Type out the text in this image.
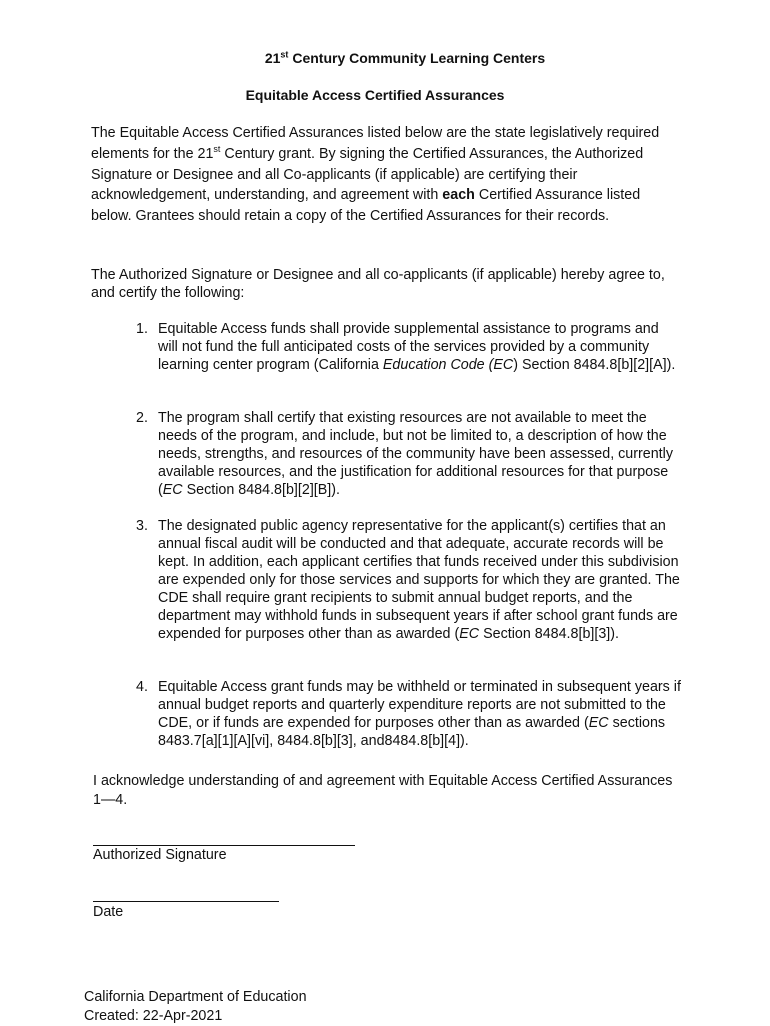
21st Century Community Learning Centers
Equitable Access Certified Assurances
The Equitable Access Certified Assurances listed below are the state legislatively required elements for the 21st Century grant. By signing the Certified Assurances, the Authorized Signature or Designee and all Co-applicants (if applicable) are certifying their acknowledgement, understanding, and agreement with each Certified Assurance listed below. Grantees should retain a copy of the Certified Assurances for their records.
The Authorized Signature or Designee and all co-applicants (if applicable) hereby agree to, and certify the following:
1. Equitable Access funds shall provide supplemental assistance to programs and will not fund the full anticipated costs of the services provided by a community learning center program (California Education Code (EC) Section 8484.8[b][2][A]).
2. The program shall certify that existing resources are not available to meet the needs of the program, and include, but not be limited to, a description of how the needs, strengths, and resources of the community have been assessed, currently available resources, and the justification for additional resources for that purpose (EC Section 8484.8[b][2][B]).
3. The designated public agency representative for the applicant(s) certifies that an annual fiscal audit will be conducted and that adequate, accurate records will be kept. In addition, each applicant certifies that funds received under this subdivision are expended only for those services and supports for which they are granted. The CDE shall require grant recipients to submit annual budget reports, and the department may withhold funds in subsequent years if after school grant funds are expended for purposes other than as awarded (EC Section 8484.8[b][3]).
4. Equitable Access grant funds may be withheld or terminated in subsequent years if annual budget reports and quarterly expenditure reports are not submitted to the CDE, or if funds are expended for purposes other than as awarded (EC sections 8483.7[a][1][A][vi], 8484.8[b][3], and8484.8[b][4]).
I acknowledge understanding of and agreement with Equitable Access Certified Assurances 1—4.
Authorized Signature
Date
California Department of Education
Created: 22-Apr-2021
